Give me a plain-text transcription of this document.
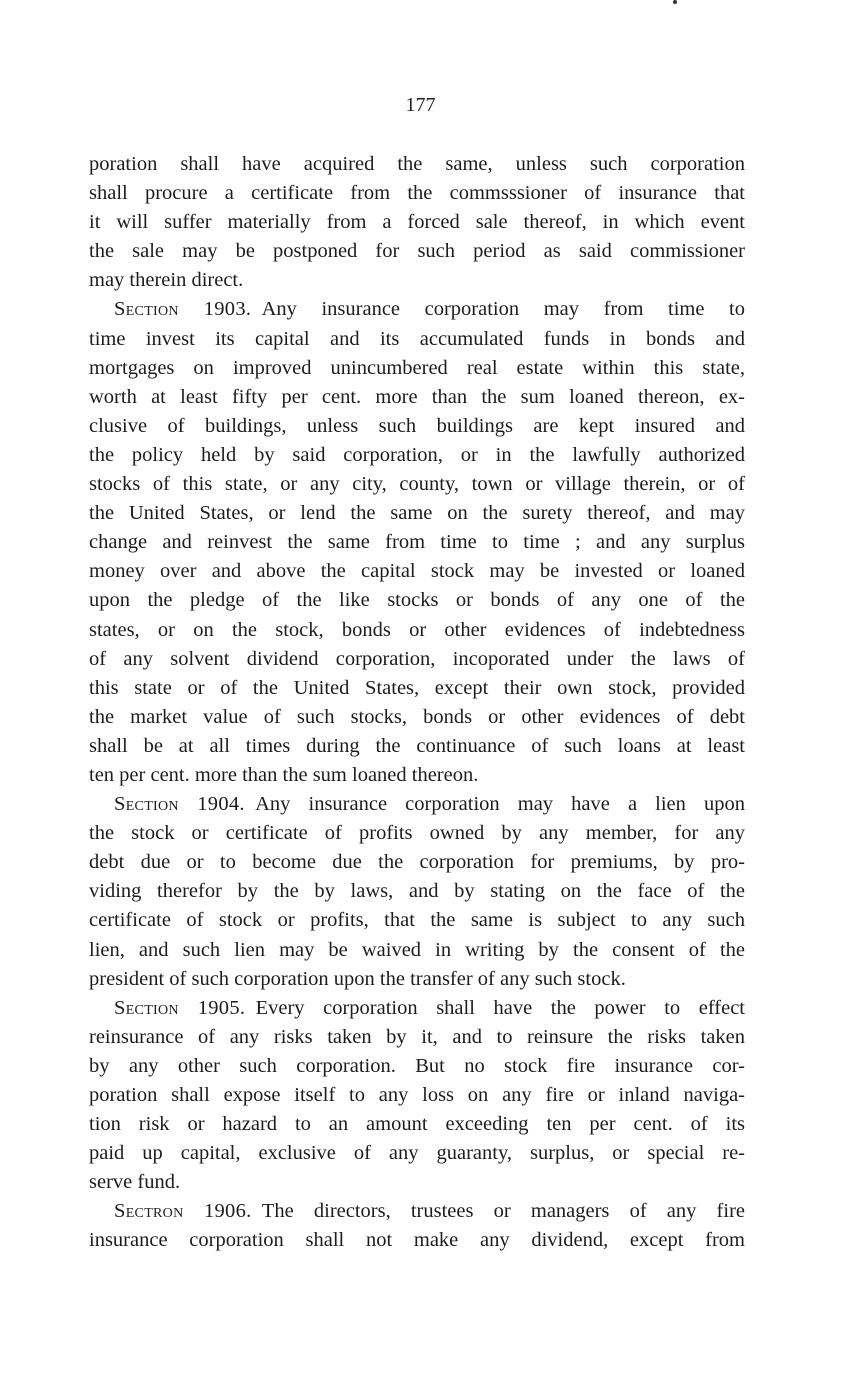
177
poration shall have acquired the same, unless such corporation
shall procure a certificate from the commsssioner of insurance that
it will suffer materially from a forced sale thereof, in which event
the sale may be postponed for such period as said commissioner
may therein direct.
Section 1903.  Any insurance corporation may from time to
time invest its capital and its accumulated funds in bonds and
mortgages on improved unincumbered real estate within this state,
worth at least fifty per cent. more than the sum loaned thereon, ex-
clusive of buildings, unless such buildings are kept insured and
the policy held by said corporation, or in the lawfully authorized
stocks of this state, or any city, county, town or village therein, or of
the United States, or lend the same on the surety thereof, and may
change and reinvest the same from time to time ; and any surplus
money over and above the capital stock may be invested or loaned
upon the pledge of the like stocks or bonds of any one of the
states, or on the stock, bonds or other evidences of indebtedness
of any solvent dividend corporation, incoporated under the laws of
this state or of the United States, except their own stock, provided
the market value of such stocks, bonds or other evidences of debt
shall be at all times during the continuance of such loans at least
ten per cent. more than the sum loaned thereon.
Section 1904.  Any insurance corporation may have a lien upon
the stock or certificate of profits owned by any member, for any
debt due or to become due the corporation for premiums, by pro-
viding therefor by the by laws, and by stating on the face of the
certificate of stock or profits, that the same is subject to any such
lien, and such lien may be waived in writing by the consent of the
president of such corporation upon the transfer of any such stock.
Section 1905.  Every corporation shall have the power to effect
reinsurance of any risks taken by it, and to reinsure the risks taken
by any other such corporation. But no stock fire insurance cor-
poration shall expose itself to any loss on any fire or inland naviga-
tion risk or hazard to an amount exceeding ten per cent. of its
paid up capital, exclusive of any guaranty, surplus, or special re-
serve fund.
Sectron 1906.  The directors, trustees or managers of any fire
insurance corporation shall not make any dividend, except from
